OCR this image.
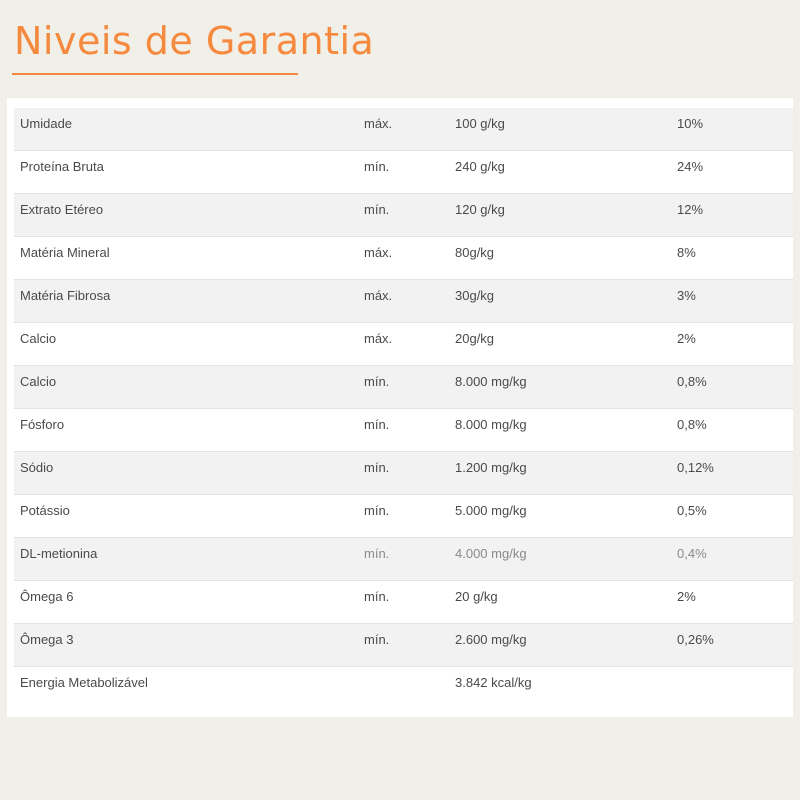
Niveis de Garantia
Umidade	máx.	100 g/kg	10%
Proteína Bruta	mín.	240 g/kg	24%
Extrato Etéreo	mín.	120 g/kg	12%
Matéria Mineral	máx.	80g/kg	8%
Matéria Fibrosa	máx.	30g/kg	3%
Calcio	máx.	20g/kg	2%
Calcio	mín.	8.000 mg/kg	0,8%
Fósforo	mín.	8.000 mg/kg	0,8%
Sódio	mín.	1.200 mg/kg	0,12%
Potássio	mín.	5.000 mg/kg	0,5%
DL-metionina	mín.	4.000 mg/kg	0,4%
Ômega 6	mín.	20 g/kg	2%
Ômega 3	mín.	2.600 mg/kg	0,26%
Energia Metabolizável	3.842 kcal/kg
